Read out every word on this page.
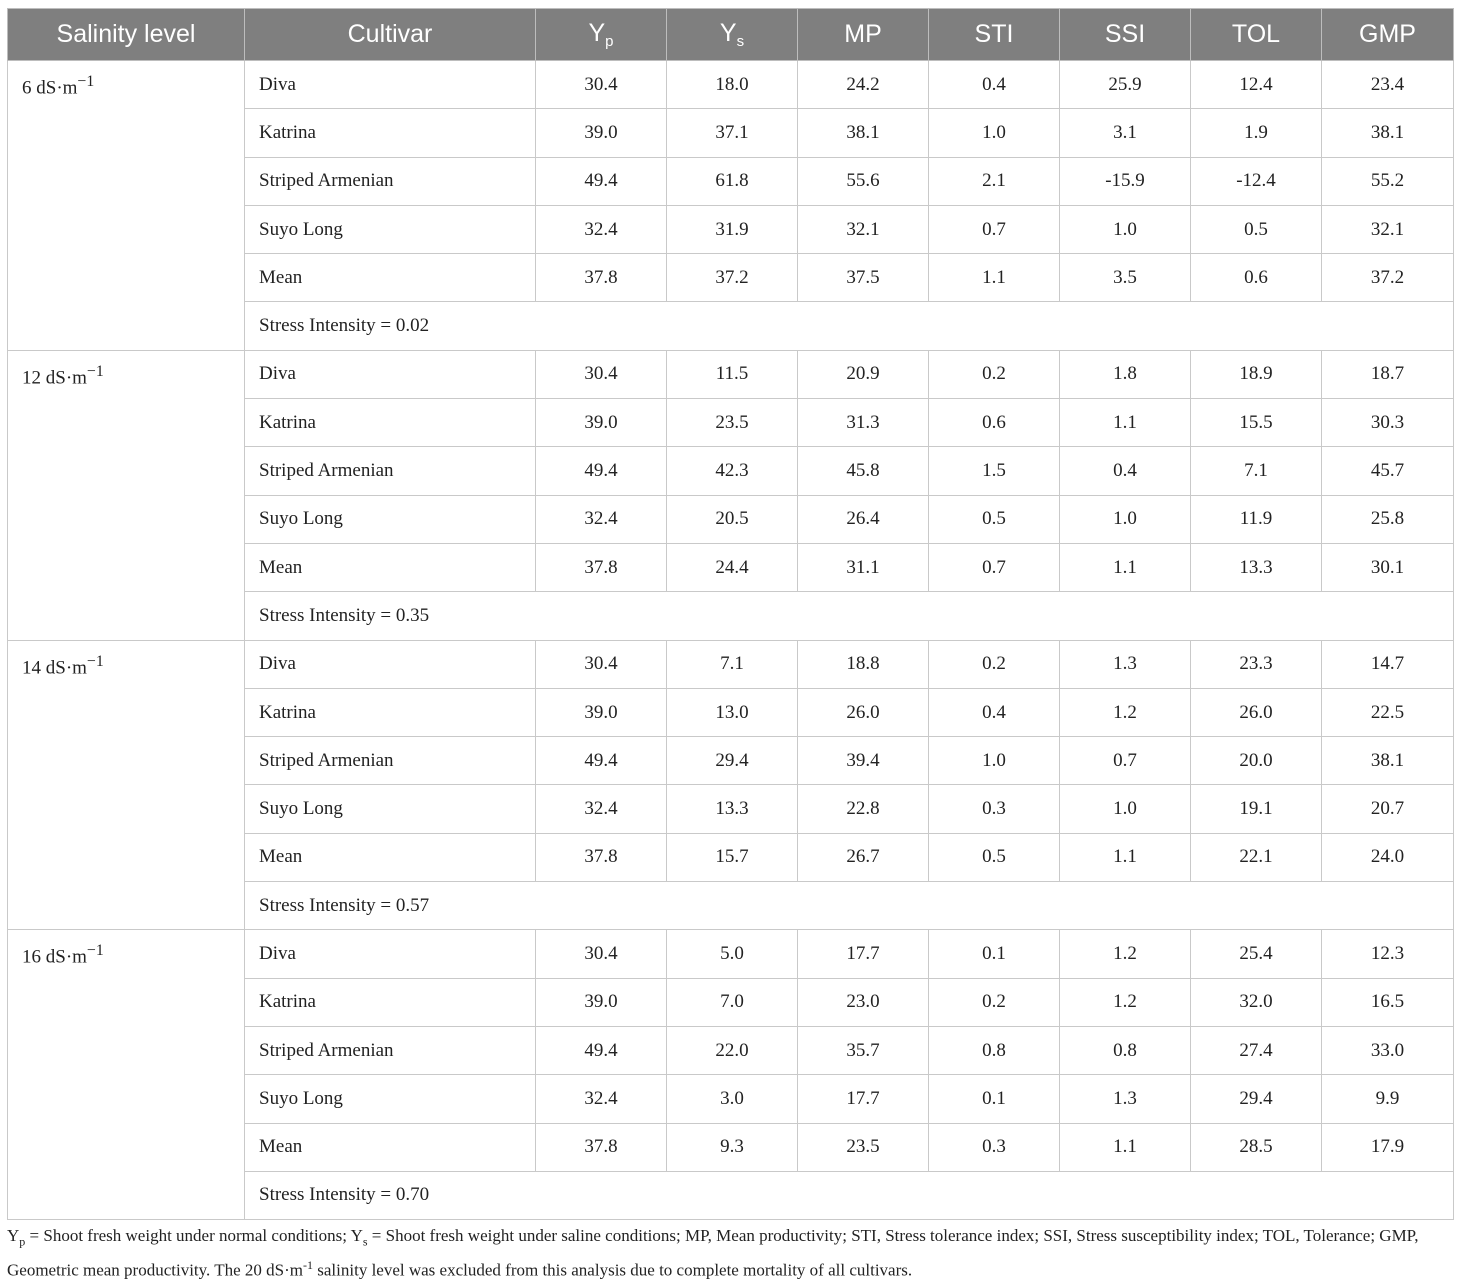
Salinity level	Cultivar	$Y_p$	$Y_s$	MP	STI	SSI	TOL	GMP
6 $dS\cdot m^{-1}$	Diva	30.4	18.0	24.2	0.4	25.9	12.4	23.4
	Katrina	39.0	37.1	38.1	1.0	3.1	1.9	38.1
	Striped Armenian	49.4	61.8	55.6	2.1	-15.9	-12.4	55.2
	Suyo Long	32.4	31.9	32.1	0.7	1.0	0.5	32.1
	Mean	37.8	37.2	37.5	1.1	3.5	0.6	37.2
	Stress Intensity = 0.02							
12 $dS\cdot m^{-1}$	Diva	30.4	11.5	20.9	0.2	1.8	18.9	18.7
	Katrina	39.0	23.5	31.3	0.6	1.1	15.5	30.3
	Striped Armenian	49.4	42.3	45.8	1.5	0.4	7.1	45.7
	Suyo Long	32.4	20.5	26.4	0.5	1.0	11.9	25.8
	Mean	37.8	24.4	31.1	0.7	1.1	13.3	30.1
	Stress Intensity = 0.35							
14 $dS\cdot m^{-1}$	Diva	30.4	7.1	18.8	0.2	1.3	23.3	14.7
	Katrina	39.0	13.0	26.0	0.4	1.2	26.0	22.5
	Striped Armenian	49.4	29.4	39.4	1.0	0.7	20.0	38.1
	Suyo Long	32.4	13.3	22.8	0.3	1.0	19.1	20.7
	Mean	37.8	15.7	26.7	0.5	1.1	22.1	24.0
	Stress Intensity = 0.57							
16 $dS\cdot m^{-1}$	Diva	30.4	5.0	17.7	0.1	1.2	25.4	12.3
	Katrina	39.0	7.0	23.0	0.2	1.2	32.0	16.5
	Striped Armenian	49.4	22.0	35.7	0.8	0.8	27.4	33.0
	Suyo Long	32.4	3.0	17.7	0.1	1.3	29.4	9.9
	Mean	37.8	9.3	23.5	0.3	1.1	28.5	17.9
	Stress Intensity = 0.70							
$Y_p$ = Shoot fresh weight under normal conditions; $Y_s$ = Shoot fresh weight under saline conditions; MP, Mean productivity; STI, Stress tolerance index; SSI, Stress susceptibility index; TOL, Tolerance; GMP, Geometric mean productivity. The 20 $dS\cdot m^{-1}$ salinity level was excluded from this analysis due to complete mortality of all cultivars.
